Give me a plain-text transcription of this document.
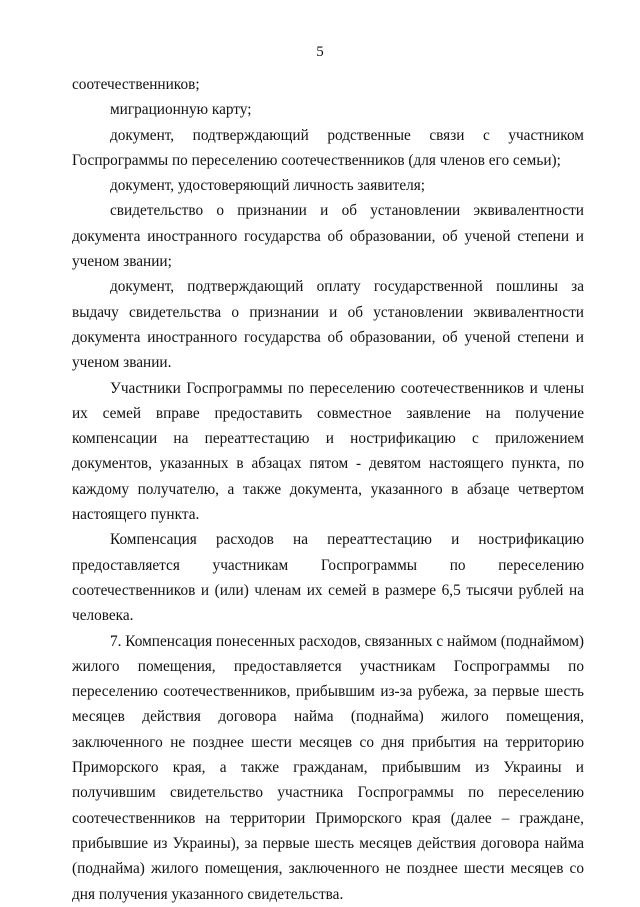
5

соотечественников;

миграционную карту;

документ, подтверждающий родственные связи с участником Госпрограммы по переселению соотечественников (для членов его семьи);

документ, удостоверяющий личность заявителя;

свидетельство о признании и об установлении эквивалентности документа иностранного государства об образовании, об ученой степени и ученом звании;

документ, подтверждающий оплату государственной пошлины за выдачу свидетельства о признании и об установлении эквивалентности документа иностранного государства об образовании, об ученой степени и ученом звании.

Участники Госпрограммы по переселению соотечественников и члены их семей вправе предоставить совместное заявление на получение компенсации на переаттестацию и нострификацию с приложением документов, указанных в абзацах пятом - девятом настоящего пункта, по каждому получателю, а также документа, указанного в абзаце четвертом настоящего пункта.

Компенсация расходов на переаттестацию и нострификацию предоставляется участникам Госпрограммы по переселению соотечественников и (или) членам их семей в размере 6,5 тысячи рублей на человека.

7. Компенсация понесенных расходов, связанных с наймом (поднаймом) жилого помещения, предоставляется участникам Госпрограммы по переселению соотечественников, прибывшим из-за рубежа, за первые шесть месяцев действия договора найма (поднайма) жилого помещения, заключенного не позднее шести месяцев со дня прибытия на территорию Приморского края, а также гражданам, прибывшим из Украины и получившим свидетельство участника Госпрограммы по переселению соотечественников на территории Приморского края (далее – граждане, прибывшие из Украины), за первые шесть месяцев действия договора найма (поднайма) жилого помещения, заключенного не позднее шести месяцев со дня получения указанного свидетельства.
